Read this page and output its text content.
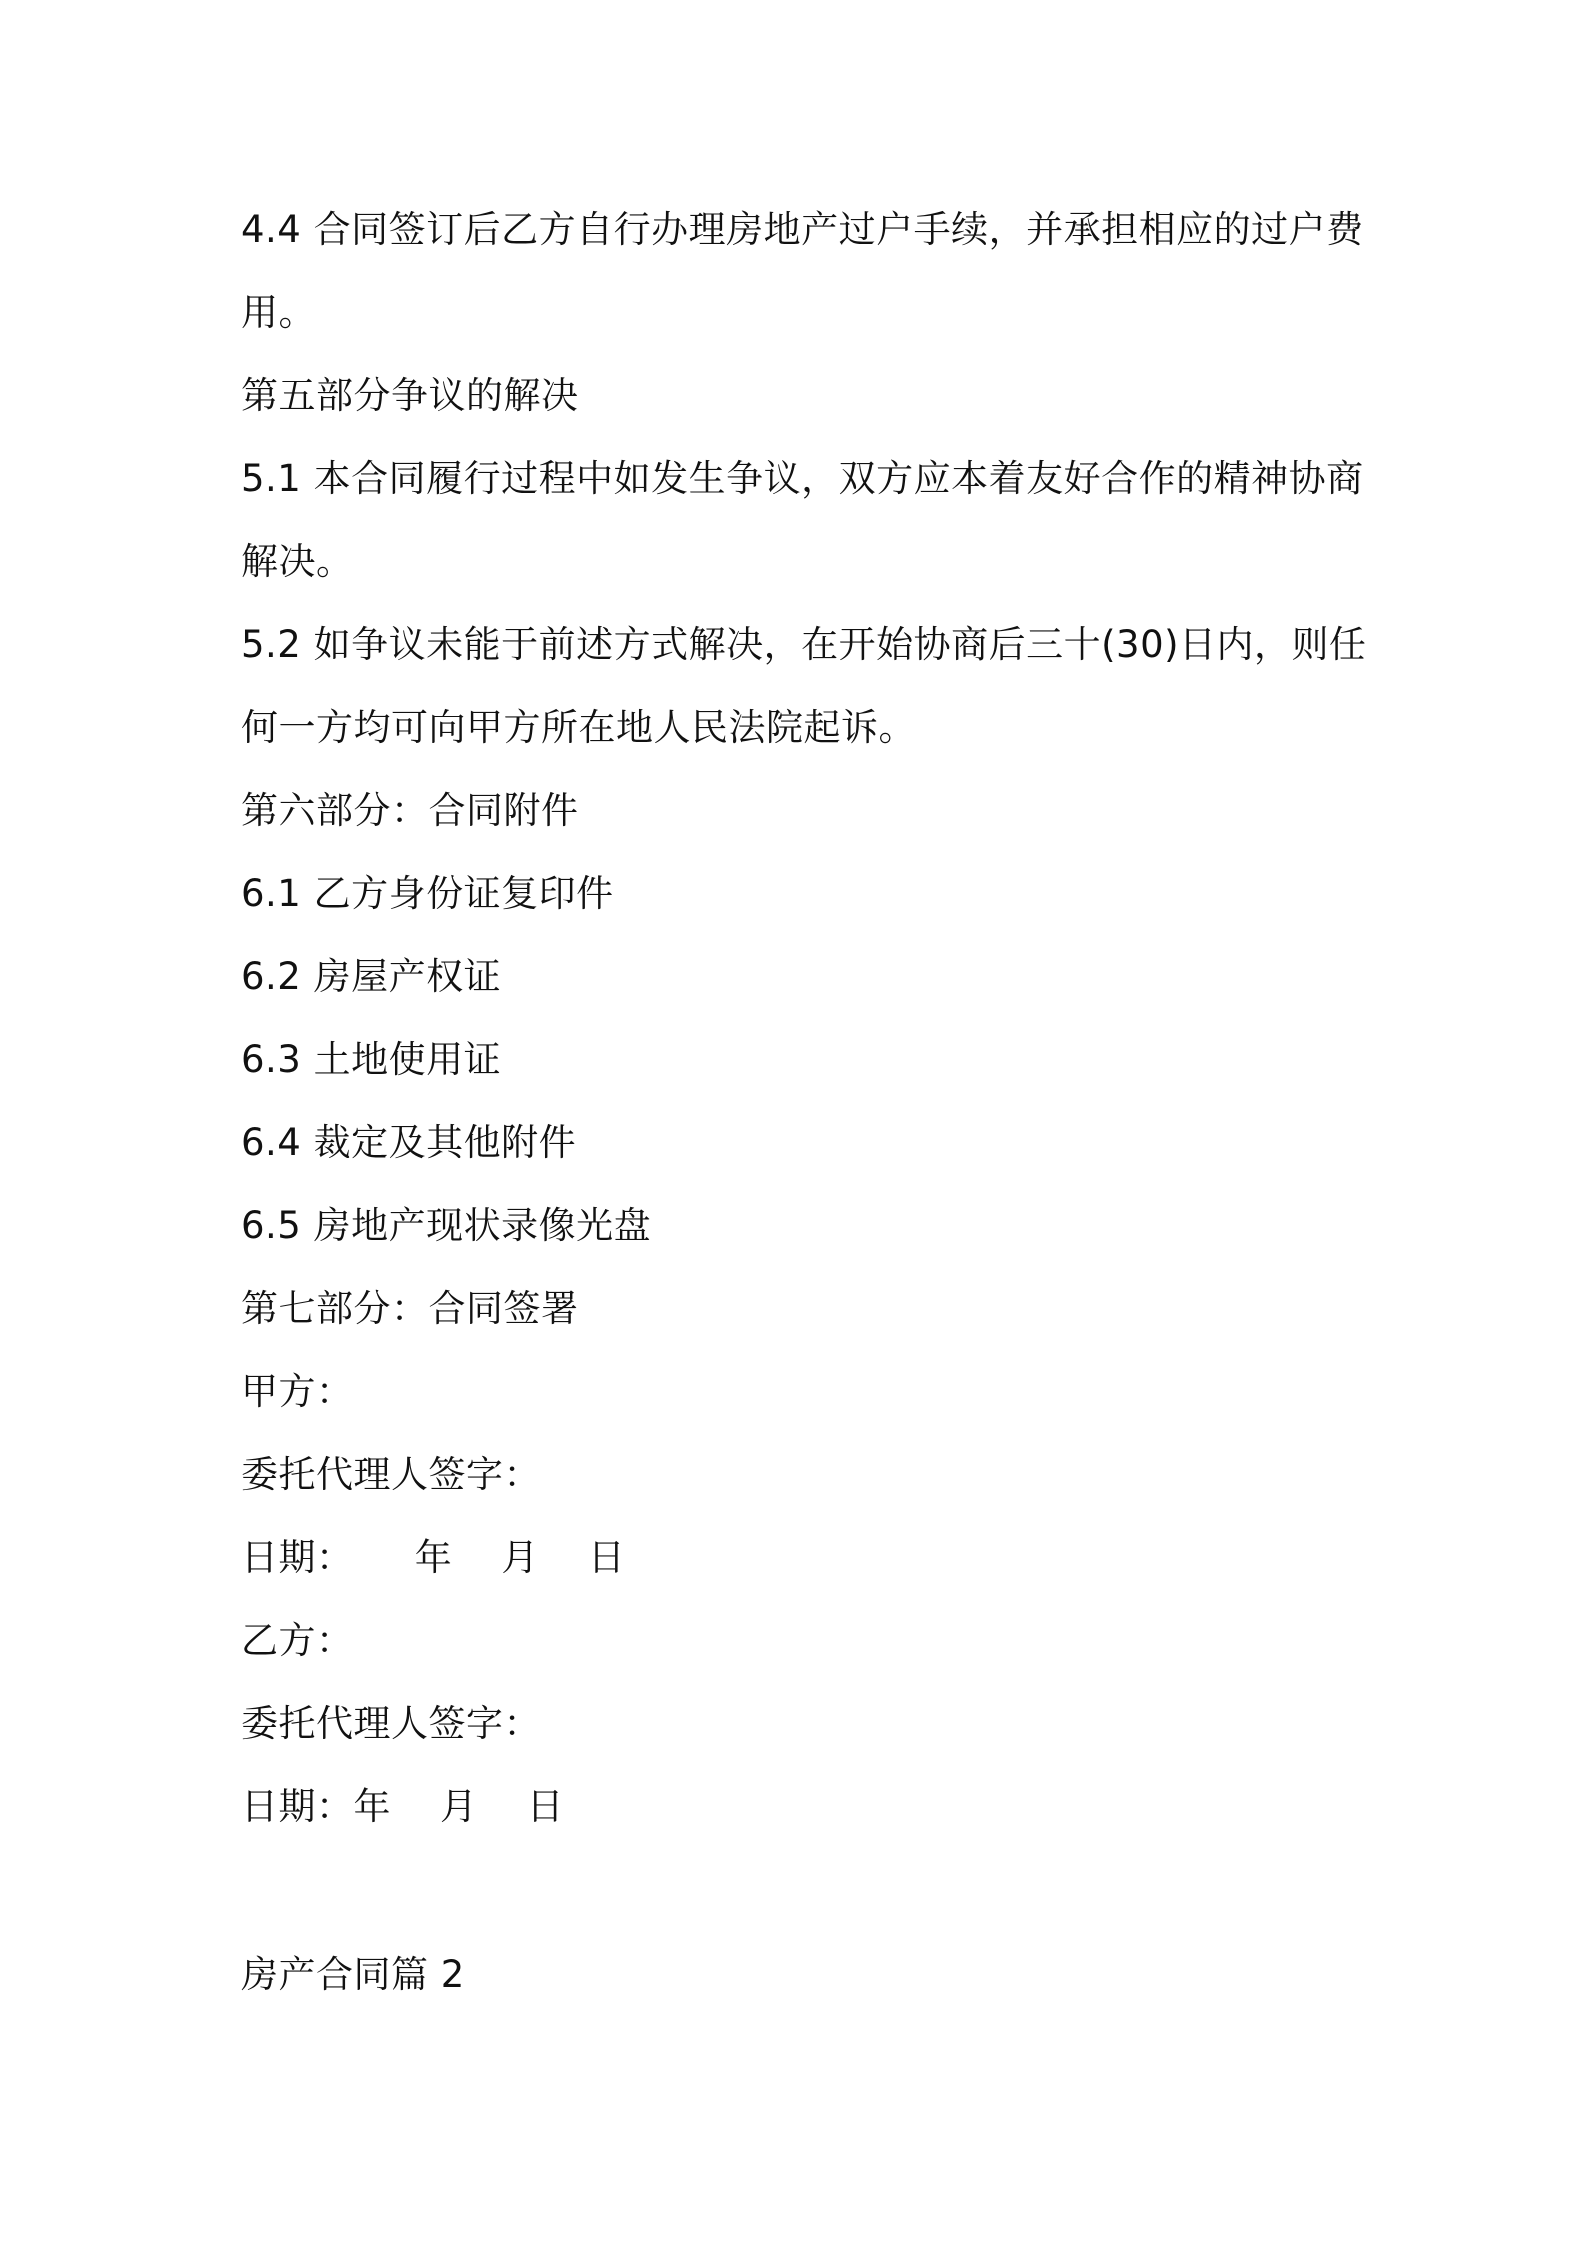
4.4 合同签订后乙方自行办理房地产过户手续，并承担相应的过户费
用。
第五部分争议的解决
5.1 本合同履行过程中如发生争议，双方应本着友好合作的精神协商
解决。
5.2 如争议未能于前述方式解决，在开始协商后三十(30)日内，则任
何一方均可向甲方所在地人民法院起诉。
第六部分：合同附件
6.1 乙方身份证复印件
6.2 房屋产权证
6.3 土地使用证
6.4 裁定及其他附件
6.5 房地产现状录像光盘
第七部分：合同签署
甲方：
委托代理人签字：
日期：     年    月    日
乙方：
委托代理人签字：
日期：年    月    日
房产合同篇 2
